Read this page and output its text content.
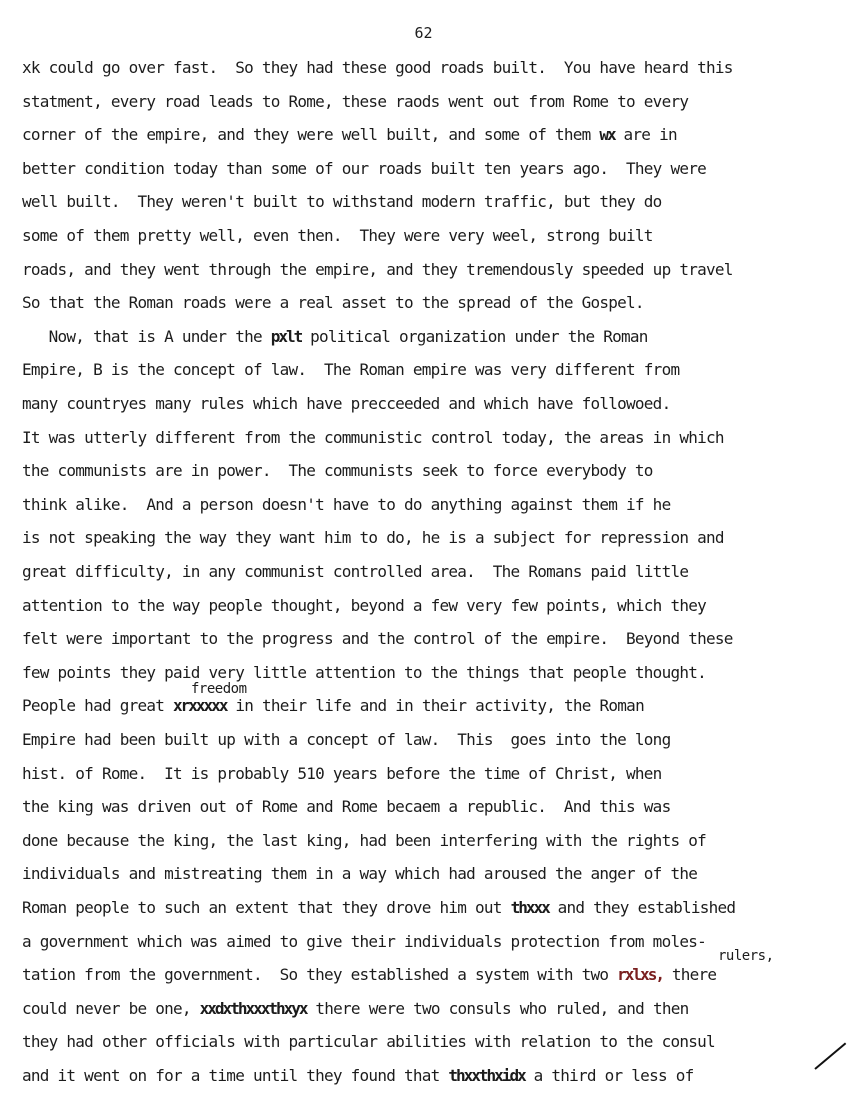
62
xk could go over fast.  So they had these good roads built.  You have heard this
statment, every road leads to Rome, these raods went out from Rome to every
corner of the empire, and they were well built, and some of them wx are in
better condition today than some of our roads built ten years ago.  They were
well built.  They weren't built to withstand modern traffic, but they do
some of them pretty well, even then.  They were very weel, strong built
roads, and they went through the empire, and they tremendously speeded up travel
So that the Roman roads were a real asset to the spread of the Gospel.
Now, that is A under the pxlt political organization under the Roman
Empire, B is the concept of law.  The Roman empire was very different from
many countryes many rules which have precceeded and which have followoed.
It was utterly different from the communistic control today, the areas in which
the communists are in power.  The communists seek to force everybody to
think alike.  And a person doesn't have to do anything against them if he
is not speaking the way they want him to do, he is a subject for repression and
great difficulty, in any communist controlled area.  The Romans paid little
attention to the way people thought, beyond a few very few points, which they
felt were important to the progress and the control of the empire.  Beyond these
few points they paid very little attention to the things that people thought.
People had great xrxxxxx in their life and in their activity, the Roman
Empire had been built up with a concept of law.  This  goes into the long
hist. of Rome.  It is probably 510 years before the time of Christ, when
the king was driven out of Rome and Rome becaem a republic.  And this was
done because the king, the last king, had been interfering with the rights of
individuals and mistreating them in a way which had aroused the anger of the
Roman people to such an extent that they drove him out thxxx and they established
a government which was aimed to give their individuals protection from moles-
tation from the government.  So they established a system with two rxlxs, there
could never be one, xxdxthxxxthxyx there were two consuls who ruled, and then
they had other officials with particular abilities with relation to the consul
and it went on for a time until they found that thxxthxidx a third or less of
freedom
rulers,
